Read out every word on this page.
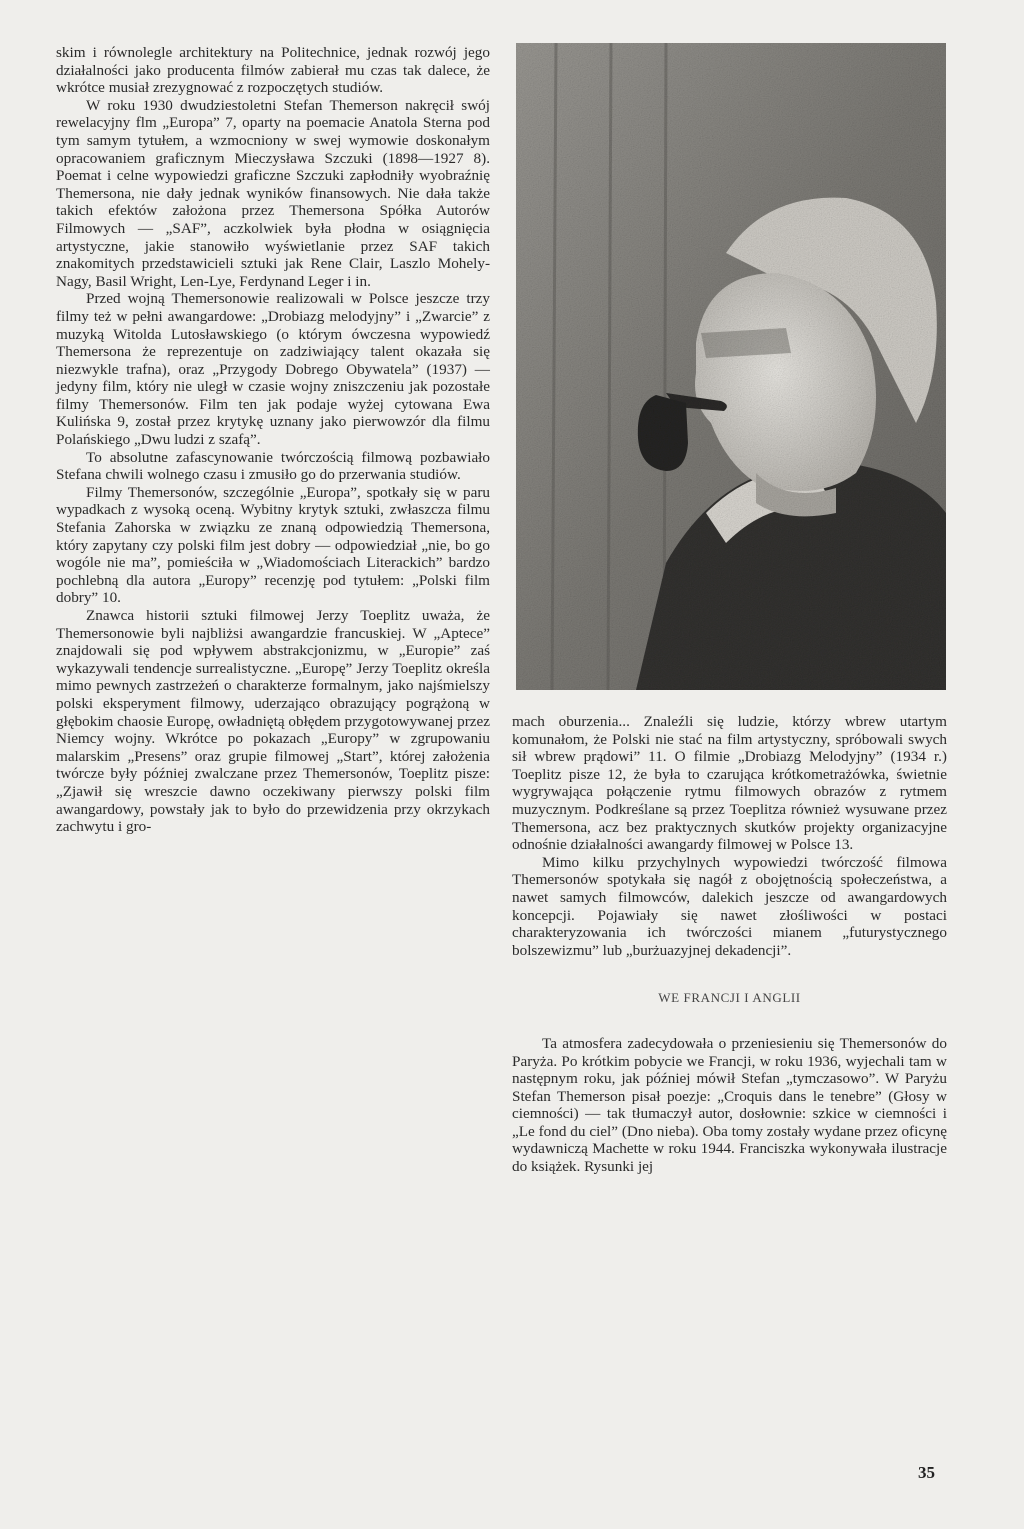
skim i równolegle architektury na Politechnice, jednak rozwój jego działalności jako producenta filmów zabierał mu czas tak dalece, że wkrótce musiał zrezygnować z rozpoczętych studiów.

W roku 1930 dwudziestoletni Stefan Themerson nakręcił swój rewelacyjny flm „Europa” 7, oparty na poemacie Anatola Sterna pod tym samym tytułem, a wzmocniony w swej wymowie doskonałym opracowaniem graficznym Mieczysława Szczuki (1898—1927 8). Poemat i celne wypowiedzi graficzne Szczuki zapłodniły wyobraźnię Themersona, nie dały jednak wyników finansowych. Nie dała także takich efektów założona przez Themersona Spółka Autorów Filmowych — „SAF”, aczkolwiek była płodna w osiągnięcia artystyczne, jakie stanowiło wyświetlanie przez SAF takich znakomitych przedstawicieli sztuki jak Rene Clair, Laszlo Mohely-Nagy, Basil Wright, Len-Lye, Ferdynand Leger i in.

Przed wojną Themersonowie realizowali w Polsce jeszcze trzy filmy też w pełni awangardowe: „Drobiazg melodyjny” i „Zwarcie” z muzyką Witolda Lutosławskiego (o którym ówczesna wypowiedź Themersona że reprezentuje on zadziwiający talent okazała się niezwykle trafna), oraz „Przygody Dobrego Obywatela” (1937) — jedyny film, który nie uległ w czasie wojny zniszczeniu jak pozostałe filmy Themersonów. Film ten jak podaje wyżej cytowana Ewa Kulińska 9, został przez krytykę uznany jako pierwowzór dla filmu Polańskiego „Dwu ludzi z szafą”.

To absolutne zafascynowanie twórczością filmową pozbawiało Stefana chwili wolnego czasu i zmusiło go do przerwania studiów.

Filmy Themersonów, szczególnie „Europa”, spotkały się w paru wypadkach z wysoką oceną. Wybitny krytyk sztuki, zwłaszcza filmu Stefania Zahorska w związku ze znaną odpowiedzią Themersona, który zapytany czy polski film jest dobry — odpowiedział „nie, bo go wogóle nie ma”, pomieściła w „Wiadomościach Literackich” bardzo pochlebną dla autora „Europy” recenzję pod tytułem: „Polski film dobry” 10.

Znawca historii sztuki filmowej Jerzy Toeplitz uważa, że Themersonowie byli najbliżsi awangardzie francuskiej. W „Aptece” znajdowali się pod wpływem abstrakcjonizmu, w „Europie” zaś wykazywali tendencje surrealistyczne. „Europę” Jerzy Toeplitz określa mimo pewnych zastrzeżeń o charakterze formalnym, jako najśmielszy polski eksperyment filmowy, uderzająco obrazujący pogrążoną w głębokim chaosie Europę, owładniętą obłędem przygotowywanej przez Niemcy wojny. Wkrótce po pokazach „Europy” w zgrupowaniu malarskim „Presens” oraz grupie filmowej „Start”, której założenia twórcze były później zwalczane przez Themersonów, Toeplitz pisze: „Zjawił się wreszcie dawno oczekiwany pierwszy polski film awangardowy, powstały jak to było do przewidzenia przy okrzykach zachwytu i gro-

mach oburzenia... Znaleźli się ludzie, którzy wbrew utartym komunałom, że Polski nie stać na film artystyczny, spróbowali swych sił wbrew prądowi” 11. O filmie „Drobiazg Melodyjny” (1934 r.) Toeplitz pisze 12, że była to czarująca krótkometrażówka, świetnie wygrywająca połączenie rytmu filmowych obrazów z rytmem muzycznym. Podkreślane są przez Toeplitza również wysuwane przez Themersona, acz bez praktycznych skutków projekty organizacyjne odnośnie działalności awangardy filmowej w Polsce 13.

Mimo kilku przychylnych wypowiedzi twórczość filmowa Themersonów spotykała się nagół z obojętnością społeczeństwa, a nawet samych filmowców, dalekich jeszcze od awangardowych koncepcji. Pojawiały się nawet złośliwości w postaci charakteryzowania ich twórczości mianem „futurystycznego bolszewizmu” lub „burżuazyjnej dekadencji”.

WE FRANCJI I ANGLII

Ta atmosfera zadecydowała o przeniesieniu się Themersonów do Paryża. Po krótkim pobycie we Francji, w roku 1936, wyjechali tam w następnym roku, jak później mówił Stefan „tymczasowo”. W Paryżu Stefan Themerson pisał poezje: „Croquis dans le tenebre” (Głosy w ciemności) — tak tłumaczył autor, dosłownie: szkice w ciemności i „Le fond du ciel” (Dno nieba). Oba tomy zostały wydane przez oficynę wydawniczą Machette w roku 1944. Franciszka wykonywała ilustracje do książek. Rysunki jej

35
